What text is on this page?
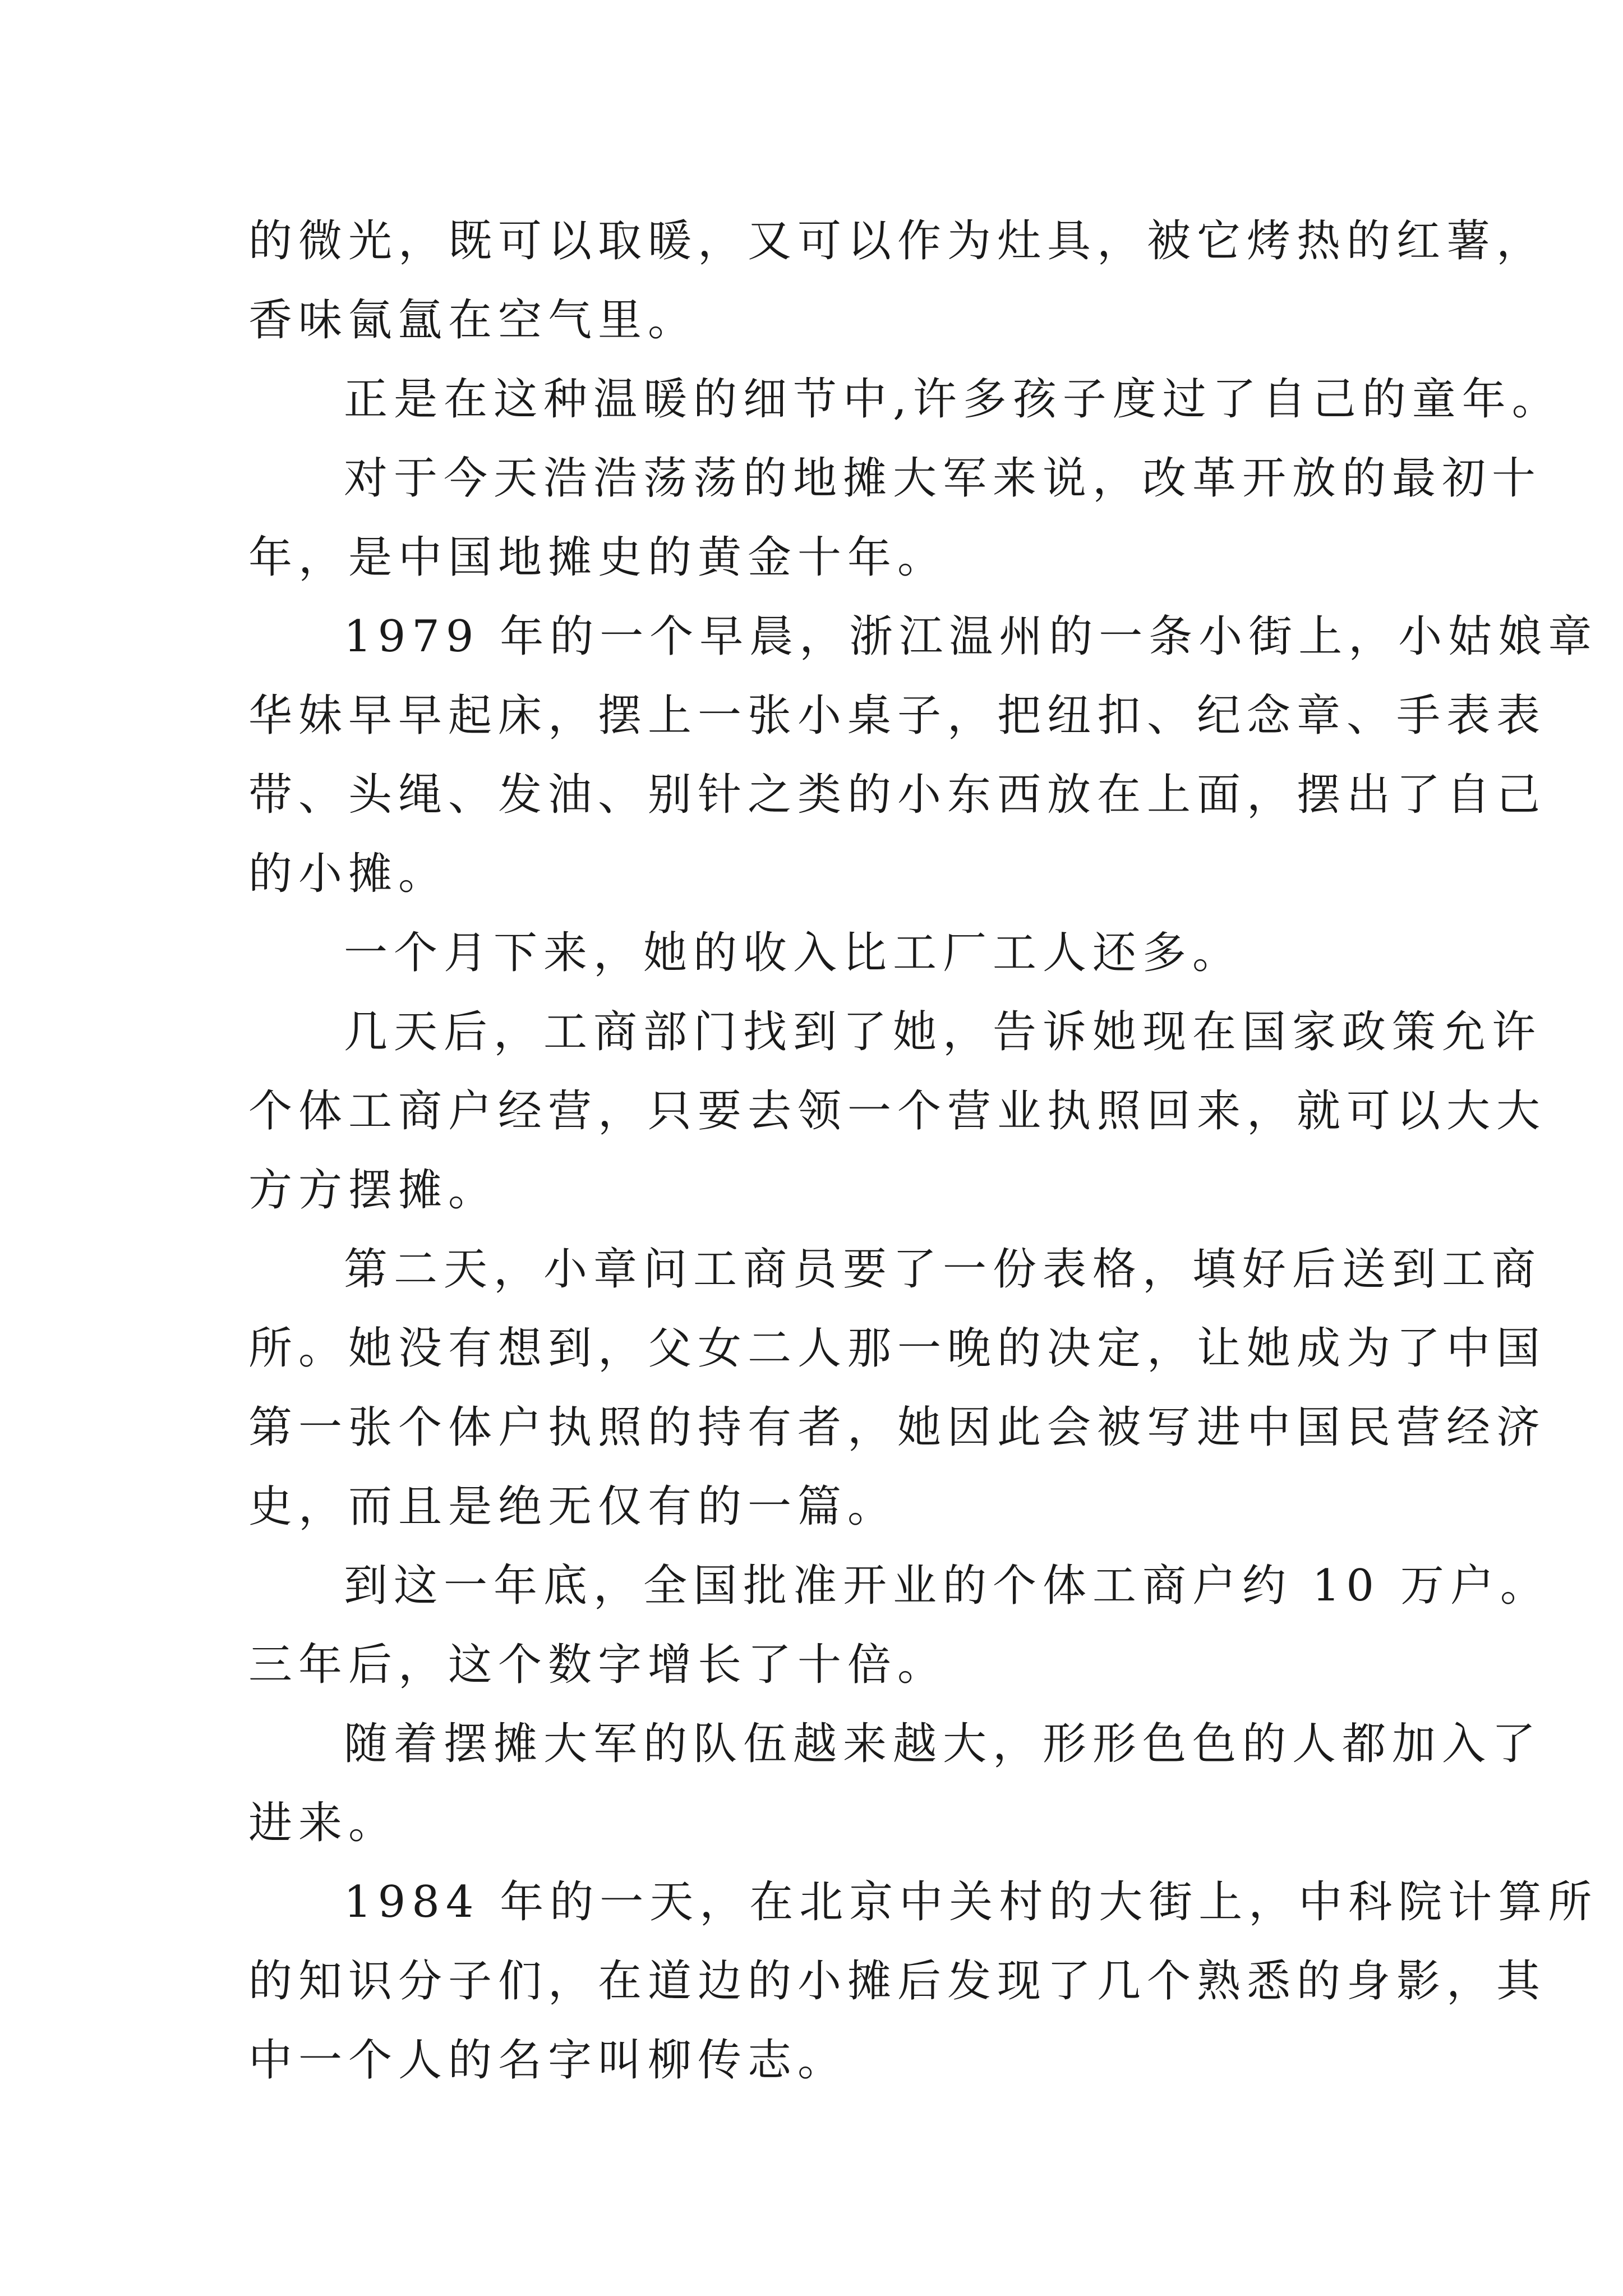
的微光，既可以取暖，又可以作为灶具，被它烤热的红薯，
香味氤氲在空气里。
正是在这种温暖的细节中,许多孩子度过了自己的童年。
对于今天浩浩荡荡的地摊大军来说，改革开放的最初十
年，是中国地摊史的黄金十年。
1979 年的一个早晨，浙江温州的一条小街上，小姑娘章
华妹早早起床，摆上一张小桌子，把纽扣、纪念章、手表表
带、头绳、发油、别针之类的小东西放在上面，摆出了自己
的小摊。
一个月下来，她的收入比工厂工人还多。
几天后，工商部门找到了她，告诉她现在国家政策允许
个体工商户经营，只要去领一个营业执照回来，就可以大大
方方摆摊。
第二天，小章问工商员要了一份表格，填好后送到工商
所。她没有想到，父女二人那一晚的决定，让她成为了中国
第一张个体户执照的持有者，她因此会被写进中国民营经济
史，而且是绝无仅有的一篇。
到这一年底，全国批准开业的个体工商户约 10 万户。
三年后，这个数字增长了十倍。
随着摆摊大军的队伍越来越大，形形色色的人都加入了
进来。
1984 年的一天，在北京中关村的大街上，中科院计算所
的知识分子们，在道边的小摊后发现了几个熟悉的身影，其
中一个人的名字叫柳传志。
